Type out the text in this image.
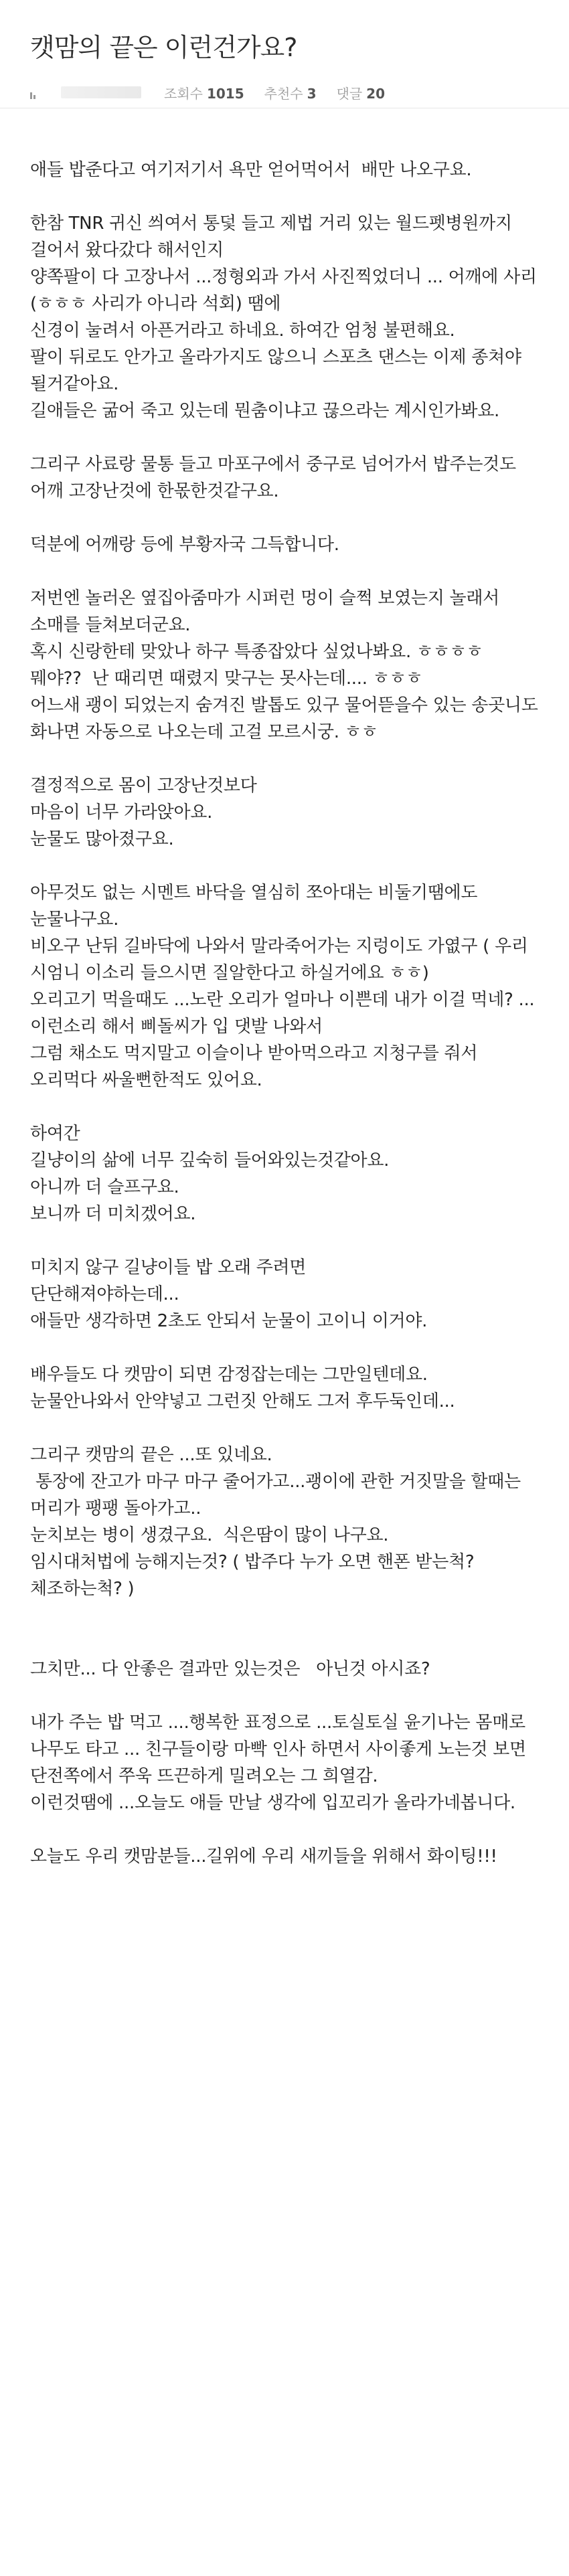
캣맘의 끝은 이런건가요?
조회수 1015 추천수 3 댓글 20

애들 밥준다고 여기저기서 욕만 얻어먹어서  배만 나오구요.

한참 TNR 귀신 씌여서 통덫 들고 제법 거리 있는 월드펫병원까지 걸어서 왔다갔다 해서인지

양쪽팔이 다 고장나서 ...정형외과 가서 사진찍었더니 ... 어깨에 사리 (ㅎㅎㅎ 사리가 아니라 석회) 땜에

신경이 눌려서 아픈거라고 하네요. 하여간 엄청 불편해요.

팔이 뒤로도 안가고 올라가지도 않으니 스포츠 댄스는 이제 종쳐야 될거같아요.

길애들은 굶어 죽고 있는데 뭔춤이냐고 끊으라는 계시인가봐요.

그리구 사료랑 물통 들고 마포구에서 중구로 넘어가서 밥주는것도 어깨 고장난것에 한몫한것같구요.

덕분에 어깨랑 등에 부황자국 그득합니다.

저번엔 놀러온 옆집아줌마가 시퍼런 멍이 슬쩍 보였는지 놀래서 소매를 들쳐보더군요.

혹시 신랑한테 맞았나 하구 특종잡았다 싶었나봐요. ㅎㅎㅎㅎ

뭬야??  난 때리면 때렸지 맞구는 못사는데.... ㅎㅎㅎ

어느새 괭이 되었는지 숨겨진 발톱도 있구 물어뜯을수 있는 송곳니도 화나면 자동으로 나오는데 고걸 모르시궁. ㅎㅎ

결정적으로 몸이 고장난것보다

마음이 너무 가라앉아요.

눈물도 많아졌구요.

아무것도 없는 시멘트 바닥을 열심히 쪼아대는 비둘기땜에도 눈물나구요.

비오구 난뒤 길바닥에 나와서 말라죽어가는 지렁이도 가엾구 ( 우리 시엄니 이소리 들으시면 질알한다고 하실거에요 ㅎㅎ)

오리고기 먹을때도 ...노란 오리가 얼마나 이쁜데 내가 이걸 먹네? ...이런소리 해서 삐돌씨가 입 댓발 나와서

그럼 채소도 먹지말고 이슬이나 받아먹으라고 지청구를 줘서 오리먹다 싸울뻔한적도 있어요.

하여간

길냥이의 삶에 너무 깊숙히 들어와있는것같아요.

아니까 더 슬프구요.

보니까 더 미치겠어요.

미치지 않구 길냥이들 밥 오래 주려면

단단해져야하는데...

애들만 생각하면 2초도 안되서 눈물이 고이니 이거야.

배우들도 다 캣맘이 되면 감정잡는데는 그만일텐데요.

눈물안나와서 안약넣고 그런짓 안해도 그저 후두둑인데...

그리구 캣맘의 끝은 ...또 있네요.

통장에 잔고가 마구 마구 줄어가고...괭이에 관한 거짓말을 할때는 머리가 팽팽 돌아가고..

눈치보는 병이 생겼구요.  식은땀이 많이 나구요.

임시대처법에 능해지는것? ( 밥주다 누가 오면 핸폰 받는척?  체조하는척? )

그치만... 다 안좋은 결과만 있는것은   아닌것 아시죠?

내가 주는 밥 먹고 ....행복한 표정으로 ...토실토실 윤기나는 몸매로

나무도 타고 ... 친구들이랑 마빡 인사 하면서 사이좋게 노는것 보면

단전쪽에서 쭈욱 뜨끈하게 밀려오는 그 희열감.

이런것땜에 ...오늘도 애들 만날 생각에 입꼬리가 올라가네봅니다.

오늘도 우리 캣맘분들...길위에 우리 새끼들을 위해서 화이팅!!!
